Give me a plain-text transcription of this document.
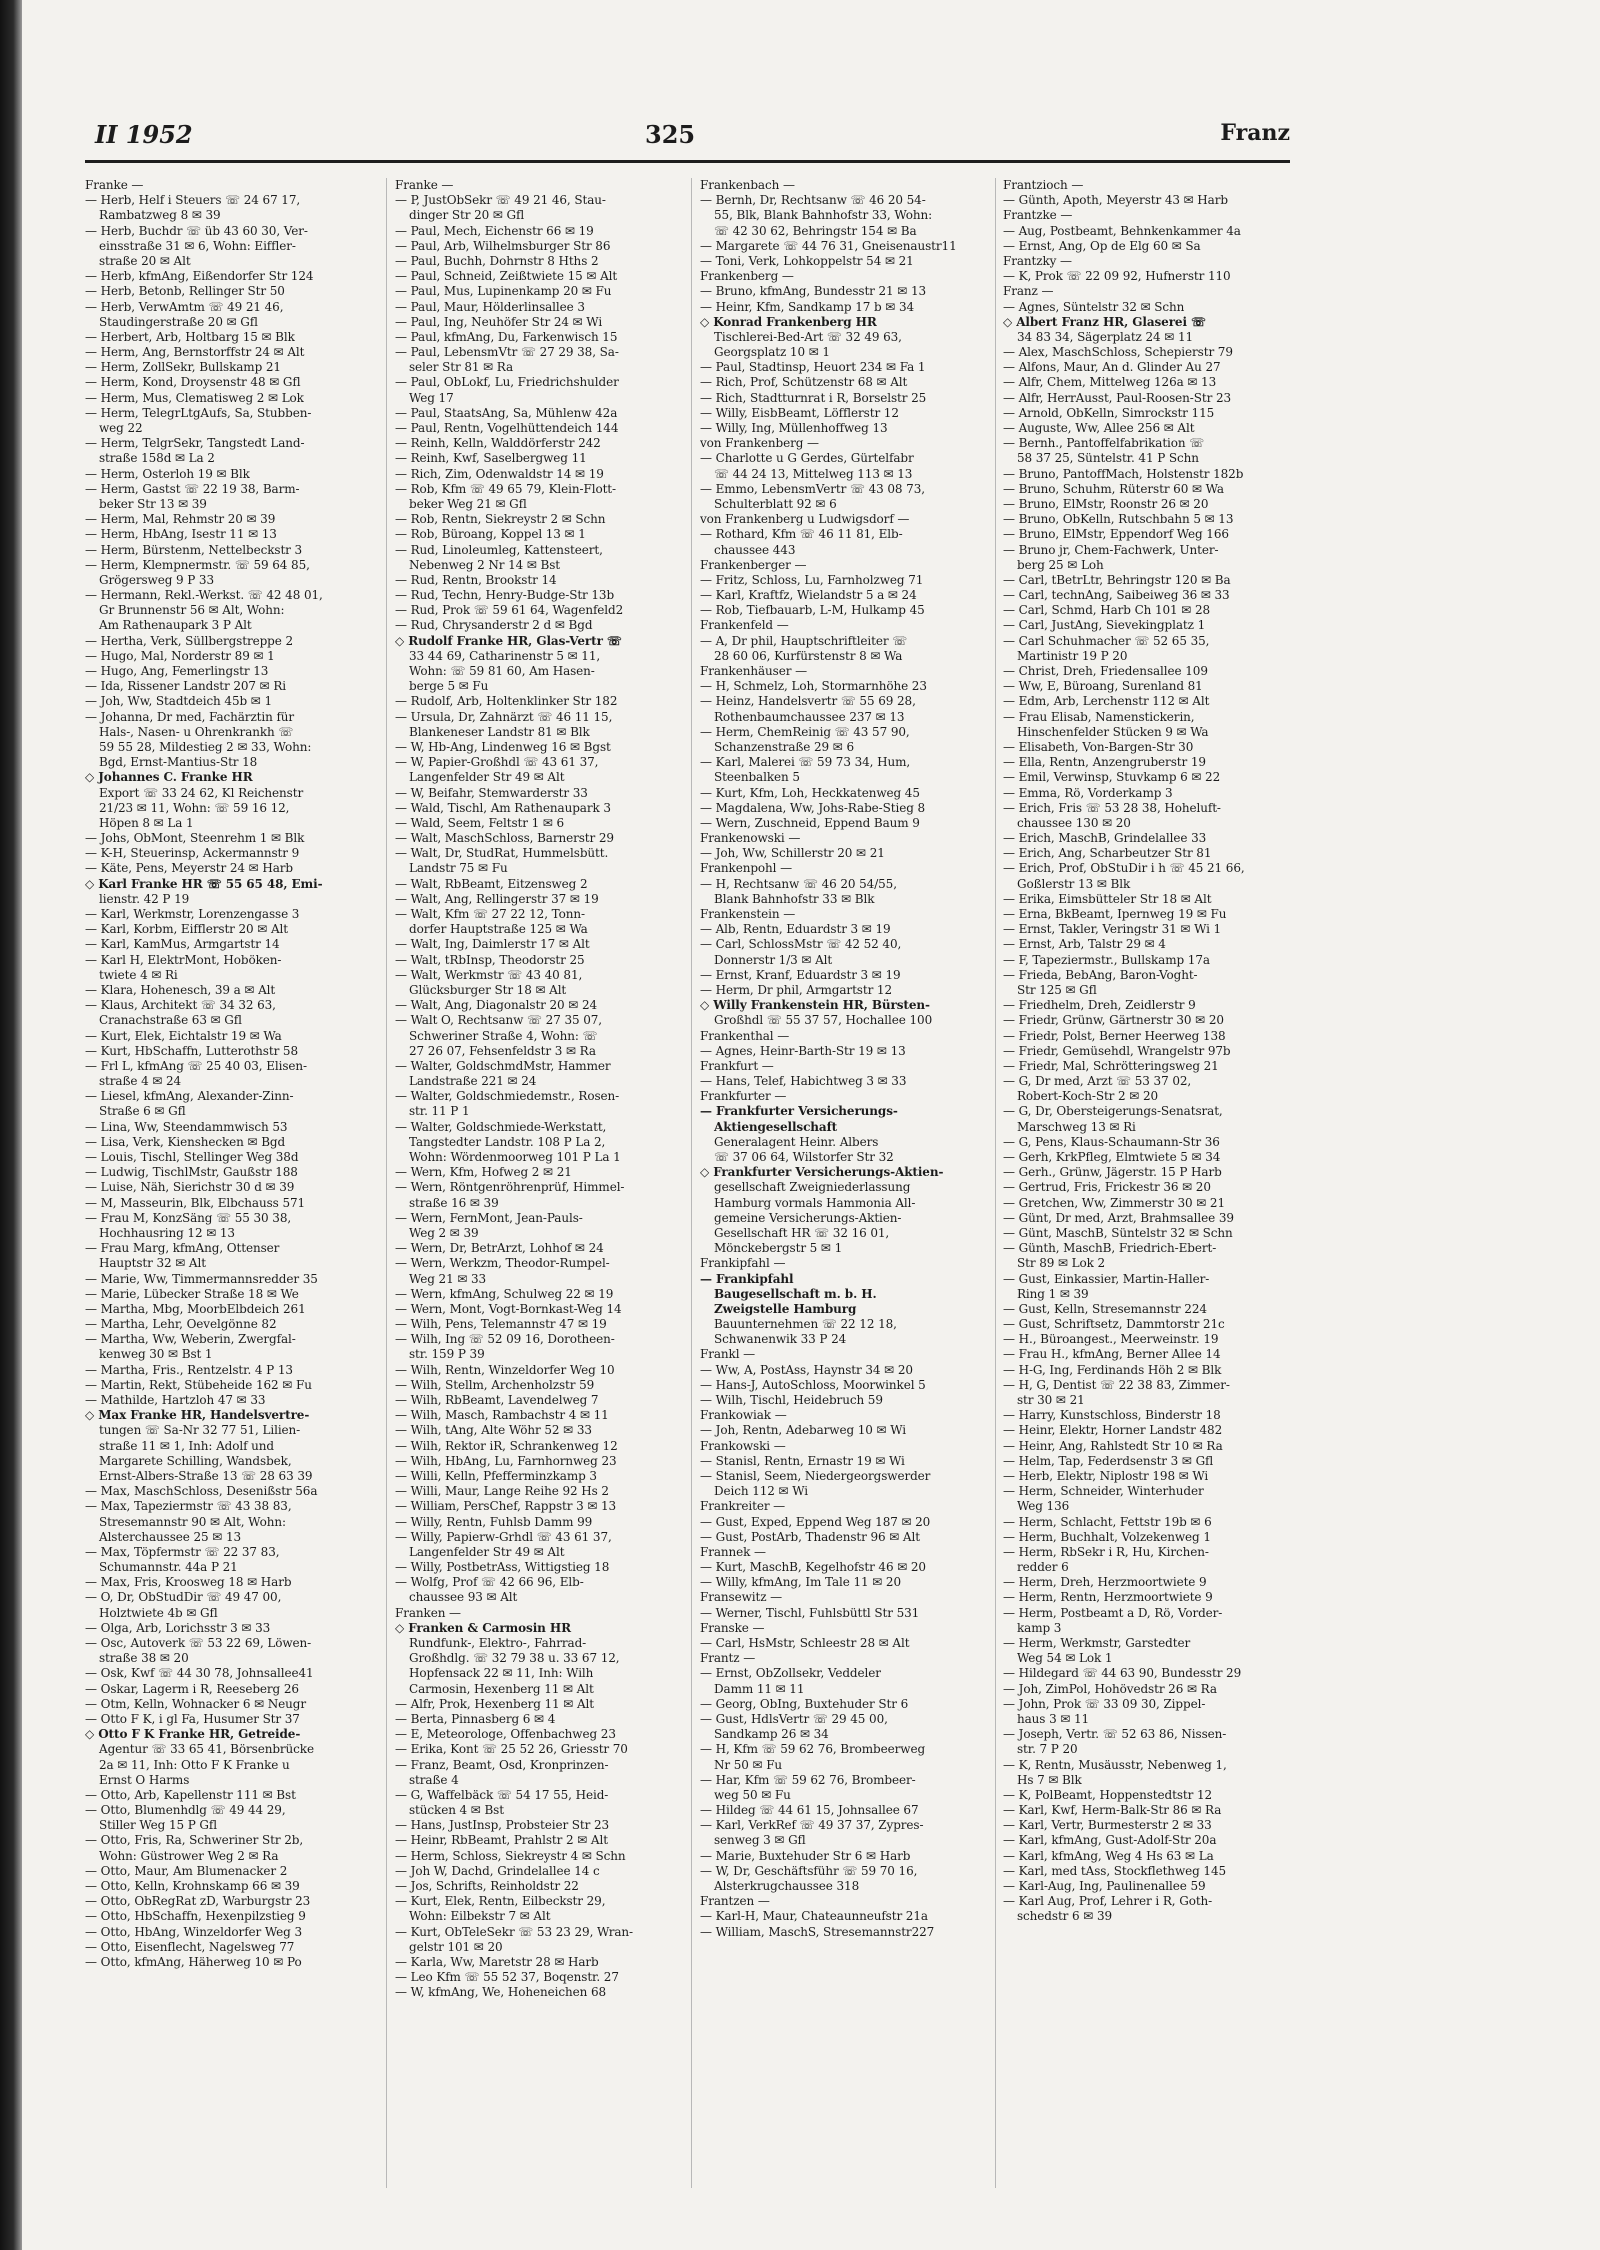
II 1952	325	Franz
Franke —
— Herb, Helf i Steuers ☏ 24 67 17,
Rambatzweg 8 ✉ 39
— Herb, Buchdr ☏ üb 43 60 30, Ver-
einsstraße 31 ✉ 6, Wohn: Eiffler-
straße 20 ✉ Alt
— Herb, kfmAng, Eißendorfer Str 124
— Herb, Betonb, Rellinger Str 50
— Herb, VerwAmtm ☏ 49 21 46,
Staudingerstraße 20 ✉ Gfl
— Herbert, Arb, Holtbarg 15 ✉ Blk
— Herm, Ang, Bernstorffstr 24 ✉ Alt
— Herm, ZollSekr, Bullskamp 21
— Herm, Kond, Droysenstr 48 ✉ Gfl
— Herm, Mus, Clematisweg 2 ✉ Lok
— Herm, TelegrLtgAufs, Sa, Stubben-
weg 22
— Herm, TelgrSekr, Tangstedt Land-
straße 158d ✉ La 2
— Herm, Osterloh 19 ✉ Blk
— Herm, Gastst ☏ 22 19 38, Barm-
beker Str 13 ✉ 39
— Herm, Mal, Rehmstr 20 ✉ 39
— Herm, HbAng, Isestr 11 ✉ 13
— Herm, Bürstenm, Nettelbeckstr 3
— Herm, Klempnermstr. ☏ 59 64 85,
Grögersweg 9 P 33
— Hermann, Rekl.-Werkst. ☏ 42 48 01,
Gr Brunnenstr 56 ✉ Alt, Wohn:
Am Rathenaupark 3 P Alt
— Hertha, Verk, Süllbergstreppe 2
— Hugo, Mal, Norderstr 89 ✉ 1
— Hugo, Ang, Femerlingstr 13
— Ida, Rissener Landstr 207 ✉ Ri
— Joh, Ww, Stadtdeich 45b ✉ 1
— Johanna, Dr med, Fachärztin für
Hals-, Nasen- u Ohrenkrankh ☏
59 55 28, Mildestieg 2 ✉ 33, Wohn:
Bgd, Ernst-Mantius-Str 18
◇ Johannes C. Franke HR
Export ☏ 33 24 62, Kl Reichenstr
21/23 ✉ 11, Wohn: ☏ 59 16 12,
Höpen 8 ✉ La 1
— Johs, ObMont, Steenrehm 1 ✉ Blk
— K-H, Steuerinsp, Ackermannstr 9
— Käte, Pens, Meyerstr 24 ✉ Harb
◇ Karl Franke HR ☏ 55 65 48, Emi-
lienstr. 42 P 19
— Karl, Werkmstr, Lorenzengasse 3
— Karl, Korbm, Eifflerstr 20 ✉ Alt
— Karl, KamMus, Armgartstr 14
— Karl H, ElektrMont, Hoböken-
twiete 4 ✉ Ri
— Klara, Hohenesch, 39 a ✉ Alt
— Klaus, Architekt ☏ 34 32 63,
Cranachstraße 63 ✉ Gfl
— Kurt, Elek, Eichtalstr 19 ✉ Wa
— Kurt, HbSchaffn, Lutterothstr 58
— Frl L, kfmAng ☏ 25 40 03, Elisen-
straße 4 ✉ 24
— Liesel, kfmAng, Alexander-Zinn-
Straße 6 ✉ Gfl
— Lina, Ww, Steendammwisch 53
— Lisa, Verk, Kienshecken ✉ Bgd
— Louis, Tischl, Stellinger Weg 38d
— Ludwig, TischlMstr, Gaußstr 188
— Luise, Näh, Sierichstr 30 d ✉ 39
— M, Masseurin, Blk, Elbchauss 571
— Frau M, KonzSäng ☏ 55 30 38,
Hochhausring 12 ✉ 13
— Frau Marg, kfmAng, Ottenser
Hauptstr 32 ✉ Alt
— Marie, Ww, Timmermannsredder 35
— Marie, Lübecker Straße 18 ✉ We
— Martha, Mbg, MoorbElbdeich 261
— Martha, Lehr, Oevelgönne 82
— Martha, Ww, Weberin, Zwergfal-
kenweg 30 ✉ Bst 1
— Martha, Fris., Rentzelstr. 4 P 13
— Martin, Rekt, Stübeheide 162 ✉ Fu
— Mathilde, Hartzloh 47 ✉ 33
◇ Max Franke HR, Handelsvertre-
tungen ☏ Sa-Nr 32 77 51, Lilien-
straße 11 ✉ 1, Inh: Adolf und
Margarete Schilling, Wandsbek,
Ernst-Albers-Straße 13 ☏ 28 63 39
— Max, MaschSchloss, Desenißstr 56a
— Max, Tapeziermstr ☏ 43 38 83,
Stresemannstr 90 ✉ Alt, Wohn:
Alsterchaussee 25 ✉ 13
— Max, Töpfermstr ☏ 22 37 83,
Schumannstr. 44a P 21
— Max, Fris, Kroosweg 18 ✉ Harb
— O, Dr, ObStudDir ☏ 49 47 00,
Holztwiete 4b ✉ Gfl
— Olga, Arb, Lorichsstr 3 ✉ 33
— Osc, Autoverk ☏ 53 22 69, Löwen-
straße 38 ✉ 20
— Osk, Kwf ☏ 44 30 78, Johnsallee41
— Oskar, Lagerm i R, Reeseberg 26
— Otm, Kelln, Wohnacker 6 ✉ Neugr
— Otto F K, i gl Fa, Husumer Str 37
◇ Otto F K Franke HR, Getreide-
Agentur ☏ 33 65 41, Börsenbrücke
2a ✉ 11, Inh: Otto F K Franke u
Ernst O Harms
— Otto, Arb, Kapellenstr 111 ✉ Bst
— Otto, Blumenhdlg ☏ 49 44 29,
Stiller Weg 15 P Gfl
— Otto, Fris, Ra, Schweriner Str 2b,
Wohn: Güstrower Weg 2 ✉ Ra
— Otto, Maur, Am Blumenacker 2
— Otto, Kelln, Krohnskamp 66 ✉ 39
— Otto, ObRegRat zD, Warburgstr 23
— Otto, HbSchaffn, Hexenpilzstieg 9
— Otto, HbAng, Winzeldorfer Weg 3
— Otto, Eisenflecht, Nagelsweg 77
— Otto, kfmAng, Häherweg 10 ✉ Po
Franke —
— P, JustObSekr ☏ 49 21 46, Stau-
dinger Str 20 ✉ Gfl
— Paul, Mech, Eichenstr 66 ✉ 19
— Paul, Arb, Wilhelmsburger Str 86
— Paul, Buchh, Dohrnstr 8 Hths 2
— Paul, Schneid, Zeißtwiete 15 ✉ Alt
— Paul, Mus, Lupinenkamp 20 ✉ Fu
— Paul, Maur, Hölderlinsallee 3
— Paul, Ing, Neuhöfer Str 24 ✉ Wi
— Paul, kfmAng, Du, Farkenwisch 15
— Paul, LebensmVtr ☏ 27 29 38, Sa-
seler Str 81 ✉ Ra
— Paul, ObLokf, Lu, Friedrichshulder
Weg 17
— Paul, StaatsAng, Sa, Mühlenw 42a
— Paul, Rentn, Vogelhüttendeich 144
— Reinh, Kelln, Walddörferstr 242
— Reinh, Kwf, Saselbergweg 11
— Rich, Zim, Odenwaldstr 14 ✉ 19
— Rob, Kfm ☏ 49 65 79, Klein-Flott-
beker Weg 21 ✉ Gfl
— Rob, Rentn, Siekreystr 2 ✉ Schn
— Rob, Büroang, Koppel 13 ✉ 1
— Rud, Linoleumleg, Kattensteert,
Nebenweg 2 Nr 14 ✉ Bst
— Rud, Rentn, Brookstr 14
— Rud, Techn, Henry-Budge-Str 13b
— Rud, Prok ☏ 59 61 64, Wagenfeld2
— Rud, Chrysanderstr 2 d ✉ Bgd
◇ Rudolf Franke HR, Glas-Vertr ☏
33 44 69, Catharinenstr 5 ✉ 11,
Wohn: ☏ 59 81 60, Am Hasen-
berge 5 ✉ Fu
— Rudolf, Arb, Holtenklinker Str 182
— Ursula, Dr, Zahnärzt ☏ 46 11 15,
Blankeneser Landstr 81 ✉ Blk
— W, Hb-Ang, Lindenweg 16 ✉ Bgst
— W, Papier-Großhdl ☏ 43 61 37,
Langenfelder Str 49 ✉ Alt
— W, Beifahr, Stemwarderstr 33
— Wald, Tischl, Am Rathenaupark 3
— Wald, Seem, Feltstr 1 ✉ 6
— Walt, MaschSchloss, Barnerstr 29
— Walt, Dr, StudRat, Hummelsbütt.
Landstr 75 ✉ Fu
— Walt, RbBeamt, Eitzensweg 2
— Walt, Ang, Rellingerstr 37 ✉ 19
— Walt, Kfm ☏ 27 22 12, Tonn-
dorfer Hauptstraße 125 ✉ Wa
— Walt, Ing, Daimlerstr 17 ✉ Alt
— Walt, tRbInsp, Theodorstr 25
— Walt, Werkmstr ☏ 43 40 81,
Glücksburger Str 18 ✉ Alt
— Walt, Ang, Diagonalstr 20 ✉ 24
— Walt O, Rechtsanw ☏ 27 35 07,
Schweriner Straße 4, Wohn: ☏
27 26 07, Fehsenfeldstr 3 ✉ Ra
— Walter, GoldschmdMstr, Hammer
Landstraße 221 ✉ 24
— Walter, Goldschmiedemstr., Rosen-
str. 11 P 1
— Walter, Goldschmiede-Werkstatt,
Tangstedter Landstr. 108 P La 2,
Wohn: Wördenmoorweg 101 P La 1
— Wern, Kfm, Hofweg 2 ✉ 21
— Wern, Röntgenröhrenprüf, Himmel-
straße 16 ✉ 39
— Wern, FernMont, Jean-Pauls-
Weg 2 ✉ 39
— Wern, Dr, BetrArzt, Lohhof ✉ 24
— Wern, Werkzm, Theodor-Rumpel-
Weg 21 ✉ 33
— Wern, kfmAng, Schulweg 22 ✉ 19
— Wern, Mont, Vogt-Bornkast-Weg 14
— Wilh, Pens, Telemannstr 47 ✉ 19
— Wilh, Ing ☏ 52 09 16, Dorotheen-
str. 159 P 39
— Wilh, Rentn, Winzeldorfer Weg 10
— Wilh, Stellm, Archenholzstr 59
— Wilh, RbBeamt, Lavendelweg 7
— Wilh, Masch, Rambachstr 4 ✉ 11
— Wilh, tAng, Alte Wöhr 52 ✉ 33
— Wilh, Rektor iR, Schrankenweg 12
— Wilh, HbAng, Lu, Farnhornweg 23
— Willi, Kelln, Pfefferminzkamp 3
— Willi, Maur, Lange Reihe 92 Hs 2
— William, PersChef, Rappstr 3 ✉ 13
— Willy, Rentn, Fuhlsb Damm 99
— Willy, Papierw-Grhdl ☏ 43 61 37,
Langenfelder Str 49 ✉ Alt
— Willy, PostbetrAss, Wittigstieg 18
— Wolfg, Prof ☏ 42 66 96, Elb-
chaussee 93 ✉ Alt
Franken —
◇ Franken & Carmosin HR
Rundfunk-, Elektro-, Fahrrad-
Großhdlg. ☏ 32 79 38 u. 33 67 12,
Hopfensack 22 ✉ 11, Inh: Wilh
Carmosin, Hexenberg 11 ✉ Alt
— Alfr, Prok, Hexenberg 11 ✉ Alt
— Berta, Pinnasberg 6 ✉ 4
— E, Meteorologe, Offenbachweg 23
— Erika, Kont ☏ 25 52 26, Griesstr 70
— Franz, Beamt, Osd, Kronprinzen-
straße 4
— G, Waffelbäck ☏ 54 17 55, Heid-
stücken 4 ✉ Bst
— Hans, JustInsp, Probsteier Str 23
— Heinr, RbBeamt, Prahlstr 2 ✉ Alt
— Herm, Schloss, Siekreystr 4 ✉ Schn
— Joh W, Dachd, Grindelallee 14 c
— Jos, Schrifts, Reinholdstr 22
— Kurt, Elek, Rentn, Eilbeckstr 29,
Wohn: Eilbekstr 7 ✉ Alt
— Kurt, ObTeleSekr ☏ 53 23 29, Wran-
gelstr 101 ✉ 20
— Karla, Ww, Maretstr 28 ✉ Harb
— Leo Kfm ☏ 55 52 37, Boqenstr. 27
— W, kfmAng, We, Hoheneichen 68
Frankenbach —
— Bernh, Dr, Rechtsanw ☏ 46 20 54-
55, Blk, Blank Bahnhofstr 33, Wohn:
☏ 42 30 62, Behringstr 154 ✉ Ba
— Margarete ☏ 44 76 31, Gneisenaustr11
— Toni, Verk, Lohkoppelstr 54 ✉ 21
Frankenberg —
— Bruno, kfmAng, Bundesstr 21 ✉ 13
— Heinr, Kfm, Sandkamp 17 b ✉ 34
◇ Konrad Frankenberg HR
Tischlerei-Bed-Art ☏ 32 49 63,
Georgsplatz 10 ✉ 1
— Paul, Stadtinsp, Heuort 234 ✉ Fa 1
— Rich, Prof, Schützenstr 68 ✉ Alt
— Rich, Stadtturnrat i R, Borselstr 25
— Willy, EisbBeamt, Löfflerstr 12
— Willy, Ing, Müllenhoffweg 13
von Frankenberg —
— Charlotte u G Gerdes, Gürtelfabr
☏ 44 24 13, Mittelweg 113 ✉ 13
— Emmo, LebensmVertr ☏ 43 08 73,
Schulterblatt 92 ✉ 6
von Frankenberg u Ludwigsdorf —
— Rothard, Kfm ☏ 46 11 81, Elb-
chaussee 443
Frankenberger —
— Fritz, Schloss, Lu, Farnholzweg 71
— Karl, Kraftfz, Wielandstr 5 a ✉ 24
— Rob, Tiefbauarb, L-M, Hulkamp 45
Frankenfeld —
— A, Dr phil, Hauptschriftleiter ☏
28 60 06, Kurfürstenstr 8 ✉ Wa
Frankenhäuser —
— H, Schmelz, Loh, Stormarnhöhe 23
— Heinz, Handelsvertr ☏ 55 69 28,
Rothenbaumchaussee 237 ✉ 13
— Herm, ChemReinig ☏ 43 57 90,
Schanzenstraße 29 ✉ 6
— Karl, Malerei ☏ 59 73 34, Hum,
Steenbalken 5
— Kurt, Kfm, Loh, Heckkatenweg 45
— Magdalena, Ww, Johs-Rabe-Stieg 8
— Wern, Zuschneid, Eppend Baum 9
Frankenowski —
— Joh, Ww, Schillerstr 20 ✉ 21
Frankenpohl —
— H, Rechtsanw ☏ 46 20 54/55,
Blank Bahnhofstr 33 ✉ Blk
Frankenstein —
— Alb, Rentn, Eduardstr 3 ✉ 19
— Carl, SchlossMstr ☏ 42 52 40,
Donnerstr 1/3 ✉ Alt
— Ernst, Kranf, Eduardstr 3 ✉ 19
— Herm, Dr phil, Armgartstr 12
◇ Willy Frankenstein HR, Bürsten-
Großhdl ☏ 55 37 57, Hochallee 100
Frankenthal —
— Agnes, Heinr-Barth-Str 19 ✉ 13
Frankfurt —
— Hans, Telef, Habichtweg 3 ✉ 33
Frankfurter —
— Frankfurter Versicherungs-
Aktiengesellschaft
Generalagent Heinr. Albers
☏ 37 06 64, Wilstorfer Str 32
◇ Frankfurter Versicherungs-Aktien-
gesellschaft Zweigniederlassung
Hamburg vormals Hammonia All-
gemeine Versicherungs-Aktien-
Gesellschaft HR ☏ 32 16 01,
Mönckebergstr 5 ✉ 1
Frankipfahl —
— Frankipfahl
Baugesellschaft m. b. H.
Zweigstelle Hamburg
Bauunternehmen ☏ 22 12 18,
Schwanenwik 33 P 24
Frankl —
— Ww, A, PostAss, Haynstr 34 ✉ 20
— Hans-J, AutoSchloss, Moorwinkel 5
— Wilh, Tischl, Heidebruch 59
Frankowiak —
— Joh, Rentn, Adebarweg 10 ✉ Wi
Frankowski —
— Stanisl, Rentn, Ernastr 19 ✉ Wi
— Stanisl, Seem, Niedergeorgswerder
Deich 112 ✉ Wi
Frankreiter —
— Gust, Exped, Eppend Weg 187 ✉ 20
— Gust, PostArb, Thadenstr 96 ✉ Alt
Frannek —
— Kurt, MaschB, Kegelhofstr 46 ✉ 20
— Willy, kfmAng, Im Tale 11 ✉ 20
Fransewitz —
— Werner, Tischl, Fuhlsbüttl Str 531
Franske —
— Carl, HsMstr, Schleestr 28 ✉ Alt
Frantz —
— Ernst, ObZollsekr, Veddeler
Damm 11 ✉ 11
— Georg, ObIng, Buxtehuder Str 6
— Gust, HdlsVertr ☏ 29 45 00,
Sandkamp 26 ✉ 34
— H, Kfm ☏ 59 62 76, Brombeerweg
Nr 50 ✉ Fu
— Har, Kfm ☏ 59 62 76, Brombeer-
weg 50 ✉ Fu
— Hildeg ☏ 44 61 15, Johnsallee 67
— Karl, VerkRef ☏ 49 37 37, Zypres-
senweg 3 ✉ Gfl
— Marie, Buxtehuder Str 6 ✉ Harb
— W, Dr, Geschäftsführ ☏ 59 70 16,
Alsterkrugchaussee 318
Frantzen —
— Karl-H, Maur, Chateaunneufstr 21a
— William, MaschS, Stresemannstr227
Frantzioch —
— Günth, Apoth, Meyerstr 43 ✉ Harb
Frantzke —
— Aug, Postbeamt, Behnkenkammer 4a
— Ernst, Ang, Op de Elg 60 ✉ Sa
Frantzky —
— K, Prok ☏ 22 09 92, Hufnerstr 110
Franz —
— Agnes, Süntelstr 32 ✉ Schn
◇ Albert Franz HR, Glaserei ☏
34 83 34, Sägerplatz 24 ✉ 11
— Alex, MaschSchloss, Schepierstr 79
— Alfons, Maur, An d. Glinder Au 27
— Alfr, Chem, Mittelweg 126a ✉ 13
— Alfr, HerrAusst, Paul-Roosen-Str 23
— Arnold, ObKelln, Simrockstr 115
— Auguste, Ww, Allee 256 ✉ Alt
— Bernh., Pantoffelfabrikation ☏
58 37 25, Süntelstr. 41 P Schn
— Bruno, PantoffMach, Holstenstr 182b
— Bruno, Schuhm, Rüterstr 60 ✉ Wa
— Bruno, ElMstr, Roonstr 26 ✉ 20
— Bruno, ObKelln, Rutschbahn 5 ✉ 13
— Bruno, ElMstr, Eppendorf Weg 166
— Bruno jr, Chem-Fachwerk, Unter-
berg 25 ✉ Loh
— Carl, tBetrLtr, Behringstr 120 ✉ Ba
— Carl, technAng, Saibeiweg 36 ✉ 33
— Carl, Schmd, Harb Ch 101 ✉ 28
— Carl, JustAng, Sievekingplatz 1
— Carl Schuhmacher ☏ 52 65 35,
Martinistr 19 P 20
— Christ, Dreh, Friedensallee 109
— Ww, E, Büroang, Surenland 81
— Edm, Arb, Lerchenstr 112 ✉ Alt
— Frau Elisab, Namenstickerin,
Hinschenfelder Stücken 9 ✉ Wa
— Elisabeth, Von-Bargen-Str 30
— Ella, Rentn, Anzengruberstr 19
— Emil, Verwinsp, Stuvkamp 6 ✉ 22
— Emma, Rö, Vorderkamp 3
— Erich, Fris ☏ 53 28 38, Hoheluft-
chaussee 130 ✉ 20
— Erich, MaschB, Grindelallee 33
— Erich, Ang, Scharbeutzer Str 81
— Erich, Prof, ObStuDir i h ☏ 45 21 66,
Goßlerstr 13 ✉ Blk
— Erika, Eimsbütteler Str 18 ✉ Alt
— Erna, BkBeamt, Ipernweg 19 ✉ Fu
— Ernst, Takler, Veringstr 31 ✉ Wi 1
— Ernst, Arb, Talstr 29 ✉ 4
— F, Tapeziermstr., Bullskamp 17a
— Frieda, BebAng, Baron-Voght-
Str 125 ✉ Gfl
— Friedhelm, Dreh, Zeidlerstr 9
— Friedr, Grünw, Gärtnerstr 30 ✉ 20
— Friedr, Polst, Berner Heerweg 138
— Friedr, Gemüsehdl, Wrangelstr 97b
— Friedr, Mal, Schrötteringsweg 21
— G, Dr med, Arzt ☏ 53 37 02,
Robert-Koch-Str 2 ✉ 20
— G, Dr, Obersteigerungs-Senatsrat,
Marschweg 13 ✉ Ri
— G, Pens, Klaus-Schaumann-Str 36
— Gerh, KrkPfleg, Elmtwiete 5 ✉ 34
— Gerh., Grünw, Jägerstr. 15 P Harb
— Gertrud, Fris, Frickestr 36 ✉ 20
— Gretchen, Ww, Zimmerstr 30 ✉ 21
— Günt, Dr med, Arzt, Brahmsallee 39
— Günt, MaschB, Süntelstr 32 ✉ Schn
— Günth, MaschB, Friedrich-Ebert-
Str 89 ✉ Lok 2
— Gust, Einkassier, Martin-Haller-
Ring 1 ✉ 39
— Gust, Kelln, Stresemannstr 224
— Gust, Schriftsetz, Dammtorstr 21c
— H., Büroangest., Meerweinstr. 19
— Frau H., kfmAng, Berner Allee 14
— H-G, Ing, Ferdinands Höh 2 ✉ Blk
— H, G, Dentist ☏ 22 38 83, Zimmer-
str 30 ✉ 21
— Harry, Kunstschloss, Binderstr 18
— Heinr, Elektr, Horner Landstr 482
— Heinr, Ang, Rahlstedt Str 10 ✉ Ra
— Helm, Tap, Federdsenstr 3 ✉ Gfl
— Herb, Elektr, Niplostr 198 ✉ Wi
— Herm, Schneider, Winterhuder
Weg 136
— Herm, Schlacht, Fettstr 19b ✉ 6
— Herm, Buchhalt, Volzekenweg 1
— Herm, RbSekr i R, Hu, Kirchen-
redder 6
— Herm, Dreh, Herzmoortwiete 9
— Herm, Rentn, Herzmoortwiete 9
— Herm, Postbeamt a D, Rö, Vorder-
kamp 3
— Herm, Werkmstr, Garstedter
Weg 54 ✉ Lok 1
— Hildegard ☏ 44 63 90, Bundesstr 29
— Joh, ZimPol, Hohövedstr 26 ✉ Ra
— John, Prok ☏ 33 09 30, Zippel-
haus 3 ✉ 11
— Joseph, Vertr. ☏ 52 63 86, Nissen-
str. 7 P 20
— K, Rentn, Musäusstr, Nebenweg 1,
Hs 7 ✉ Blk
— K, PolBeamt, Hoppenstedtstr 12
— Karl, Kwf, Herm-Balk-Str 86 ✉ Ra
— Karl, Vertr, Burmesterstr 2 ✉ 33
— Karl, kfmAng, Gust-Adolf-Str 20a
— Karl, kfmAng, Weg 4 Hs 63 ✉ La
— Karl, med tAss, Stockflethweg 145
— Karl-Aug, Ing, Paulinenallee 59
— Karl Aug, Prof, Lehrer i R, Goth-
schedstr 6 ✉ 39
